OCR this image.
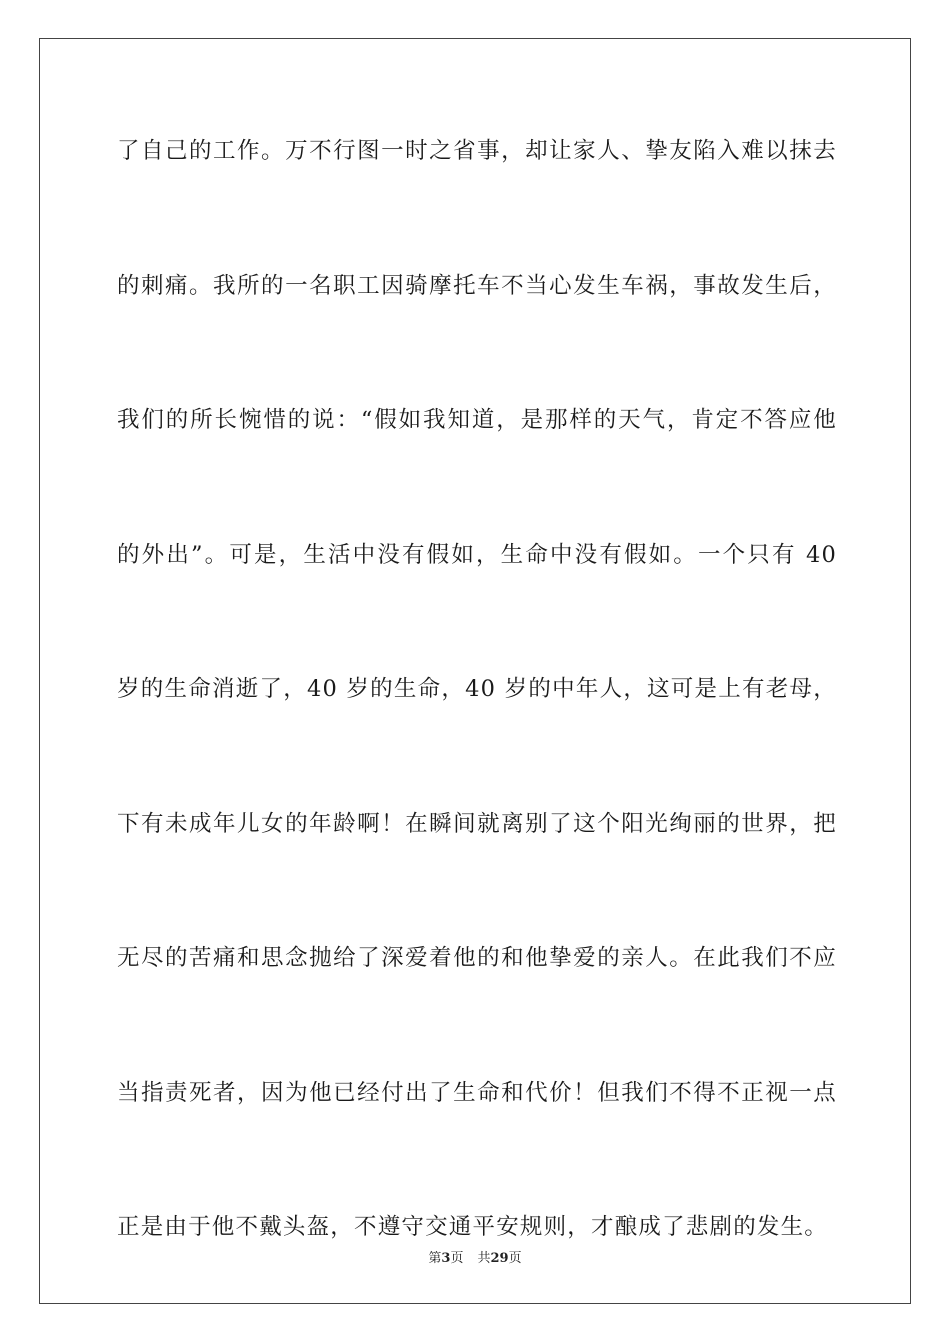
了自己的工作。万不行图一时之省事，却让家人、挚友陷入难以抹去
的刺痛。我所的一名职工因骑摩托车不当心发生车祸，事故发生后，
我们的所长惋惜的说：“假如我知道，是那样的天气，肯定不答应他
的外出”。可是，生活中没有假如，生命中没有假如。一个只有 40
岁的生命消逝了，40 岁的生命，40 岁的中年人，这可是上有老母，
下有未成年儿女的年龄啊！在瞬间就离别了这个阳光绚丽的世界，把
无尽的苦痛和思念抛给了深爱着他的和他挚爱的亲人。在此我们不应
当指责死者，因为他已经付出了生命和代价！但我们不得不正视一点
正是由于他不戴头盔，不遵守交通平安规则，才酿成了悲剧的发生。
第3页 共29页
